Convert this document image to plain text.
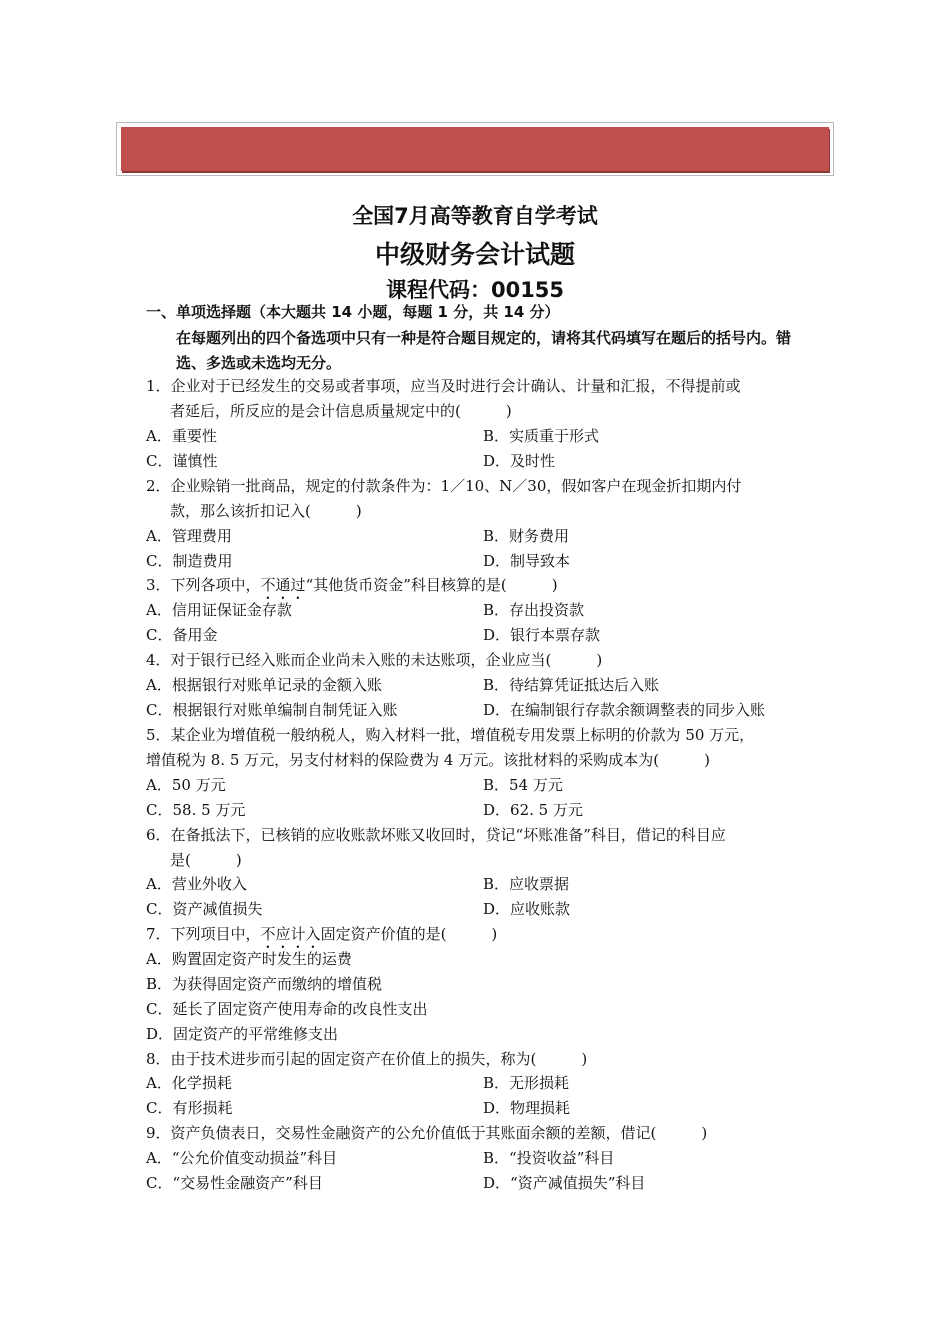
全国7月高等教育自学考试
中级财务会计试题
课程代码：00155
一、单项选择题（本大题共 14 小题，每题 1 分，共 14 分）
在每题列出的四个备选项中只有一种是符合题目规定的，请将其代码填写在题后的括号内。错选、多选或未选均无分。
1．企业对于已经发生的交易或者事项，应当及时进行会计确认、计量和汇报，不得提前或
者延后，所反应的是会计信息质量规定中的(　　　)
A．重要性	B．实质重于形式
C．谨慎性	D．及时性
2．企业赊销一批商品，规定的付款条件为：1／10、N／30，假如客户在现金折扣期内付
款，那么该折扣记入(　　　)
A．管理费用	B．财务费用
C．制造费用	D．制导致本
3．下列各项中，不通过“其他货币资金”科目核算的是(　　　)
A．信用证保证金存款	B．存出投资款
C．备用金	D．银行本票存款
4．对于银行已经入账而企业尚未入账的未达账项，企业应当(　　　)
A．根据银行对账单记录的金额入账	B．待结算凭证抵达后入账
C．根据银行对账单编制自制凭证入账	D．在编制银行存款余额调整表的同步入账
5．某企业为增值税一般纳税人，购入材料一批，增值税专用发票上标明的价款为 50 万元，
增值税为 8. 5 万元，另支付材料的保险费为 4 万元。该批材料的采购成本为(　　　)
A．50 万元	B．54 万元
C．58. 5 万元	D．62. 5 万元
6．在备抵法下，已核销的应收账款坏账又收回时，贷记“坏账准备”科目，借记的科目应
是(　　　)
A．营业外收入	B．应收票据
C．资产减值损失	D．应收账款
7．下列项目中，不应计入固定资产价值的是(　　　)
A．购置固定资产时发生的运费
B．为获得固定资产而缴纳的增值税
C．延长了固定资产使用寿命的改良性支出
D．固定资产的平常维修支出
8．由于技术进步而引起的固定资产在价值上的损失，称为(　　　)
A．化学损耗	B．无形损耗
C．有形损耗	D．物理损耗
9．资产负债表日，交易性金融资产的公允价值低于其账面余额的差额，借记(　　　)
A．“公允价值变动损益”科目	B．“投资收益”科目
C．“交易性金融资产”科目	D．“资产减值损失”科目
